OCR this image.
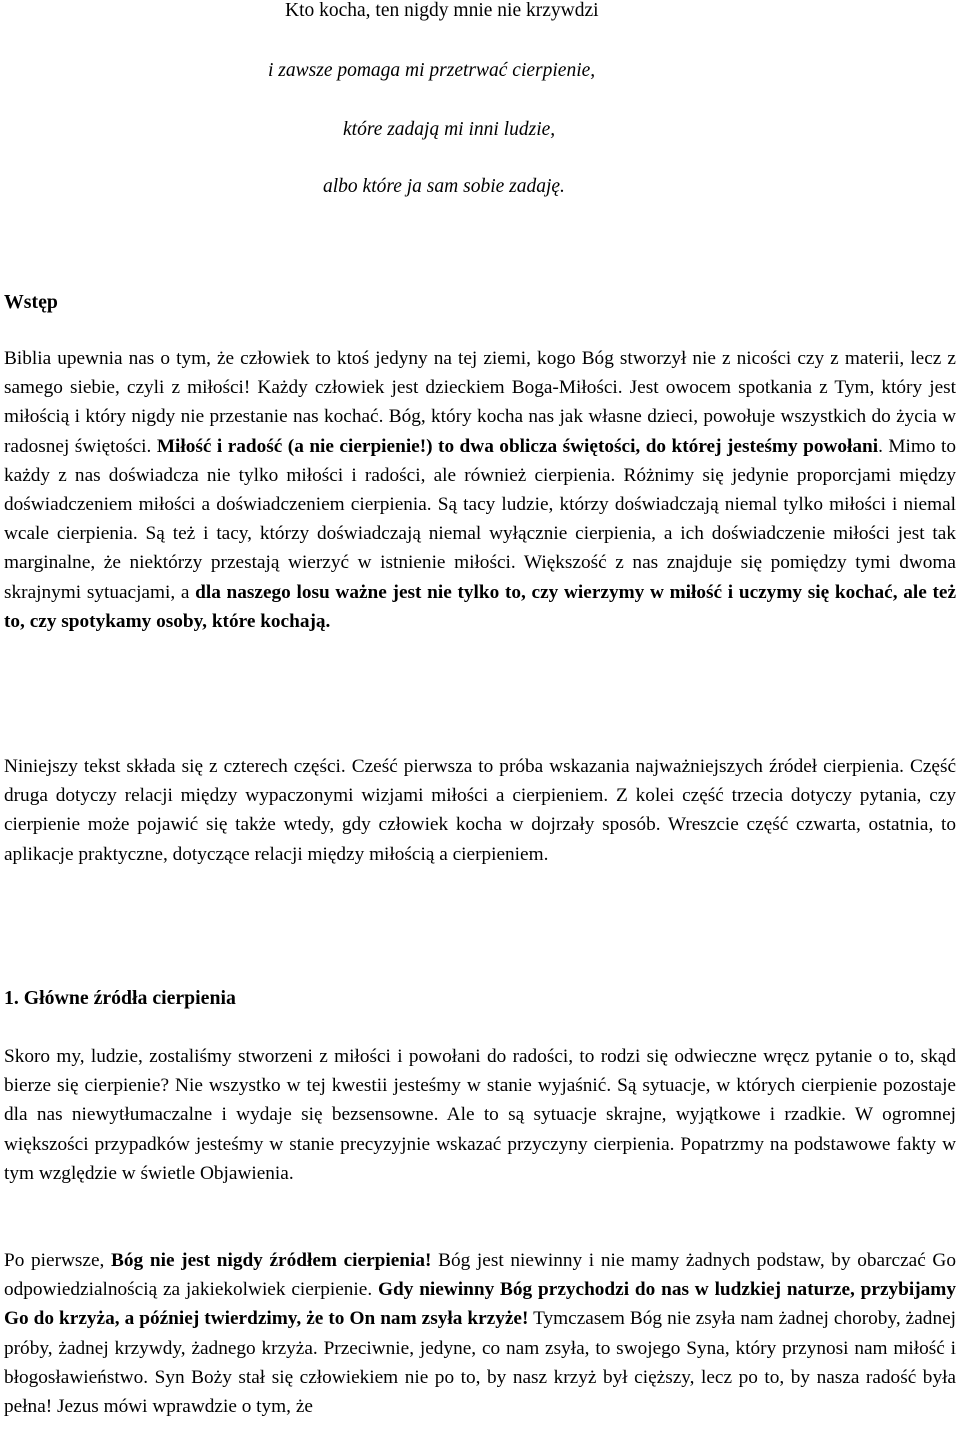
Kto kocha, ten nigdy mnie nie krzywdzi
i zawsze pomaga mi przetrwać cierpienie,
które zadają mi inni ludzie,
albo które ja sam sobie zadaję.
Wstęp

Biblia upewnia nas o tym, że człowiek to ktoś jedyny na tej ziemi, kogo Bóg stworzył nie z nicości czy z materii, lecz z samego siebie, czyli z miłości! Każdy człowiek jest dzieckiem Boga-Miłości. Jest owocem spotkania z Tym, który jest miłością i który nigdy nie przestanie nas kochać. Bóg, który kocha nas jak własne dzieci, powołuje wszystkich do życia w radosnej świętości. Miłość i radość (a nie cierpienie!) to dwa oblicza świętości, do której jesteśmy powołani. Mimo to każdy z nas doświadcza nie tylko miłości i radości, ale również cierpienia. Różnimy się jedynie proporcjami między doświadczeniem miłości a doświadczeniem cierpienia. Są tacy ludzie, którzy doświadczają niemal tylko miłości i niemal wcale cierpienia. Są też i tacy, którzy doświadczają niemal wyłącznie cierpienia, a ich doświadczenie miłości jest tak marginalne, że niektórzy przestają wierzyć w istnienie miłości. Większość z nas znajduje się pomiędzy tymi dwoma skrajnymi sytuacjami, a dla naszego losu ważne jest nie tylko to, czy wierzymy w miłość i uczymy się kochać, ale też to, czy spotykamy osoby, które kochają.

Niniejszy tekst składa się z czterech części. Cześć pierwsza to próba wskazania najważniejszych źródeł cierpienia. Część druga dotyczy relacji między wypaczonymi wizjami miłości a cierpieniem. Z kolei część trzecia dotyczy pytania, czy cierpienie może pojawić się także wtedy, gdy człowiek kocha w dojrzały sposób. Wreszcie część czwarta, ostatnia, to aplikacje praktyczne, dotyczące relacji między miłością a cierpieniem.

1. Główne źródła cierpienia

Skoro my, ludzie, zostaliśmy stworzeni z miłości i powołani do radości, to rodzi się odwieczne wręcz pytanie o to, skąd bierze się cierpienie? Nie wszystko w tej kwestii jesteśmy w stanie wyjaśnić. Są sytuacje, w których cierpienie pozostaje dla nas niewytłumaczalne i wydaje się bezsensowne. Ale to są sytuacje skrajne, wyjątkowe i rzadkie. W ogromnej większości przypadków jesteśmy w stanie precyzyjnie wskazać przyczyny cierpienia. Popatrzmy na podstawowe fakty w tym względzie w świetle Objawienia.

Po pierwsze, Bóg nie jest nigdy źródłem cierpienia! Bóg jest niewinny i nie mamy żadnych podstaw, by obarczać Go odpowiedzialnością za jakiekolwiek cierpienie. Gdy niewinny Bóg przychodzi do nas w ludzkiej naturze, przybijamy Go do krzyża, a później twierdzimy, że to On nam zsyła krzyże! Tymczasem Bóg nie zsyła nam żadnej choroby, żadnej próby, żadnej krzywdy, żadnego krzyża. Przeciwnie, jedyne, co nam zsyła, to swojego Syna, który przynosi nam miłość i błogosławieństwo. Syn Boży stał się człowiekiem nie po to, by nasz krzyż był cięższy, lecz po to, by nasza radość była pełna! Jezus mówi wprawdzie o tym, że
